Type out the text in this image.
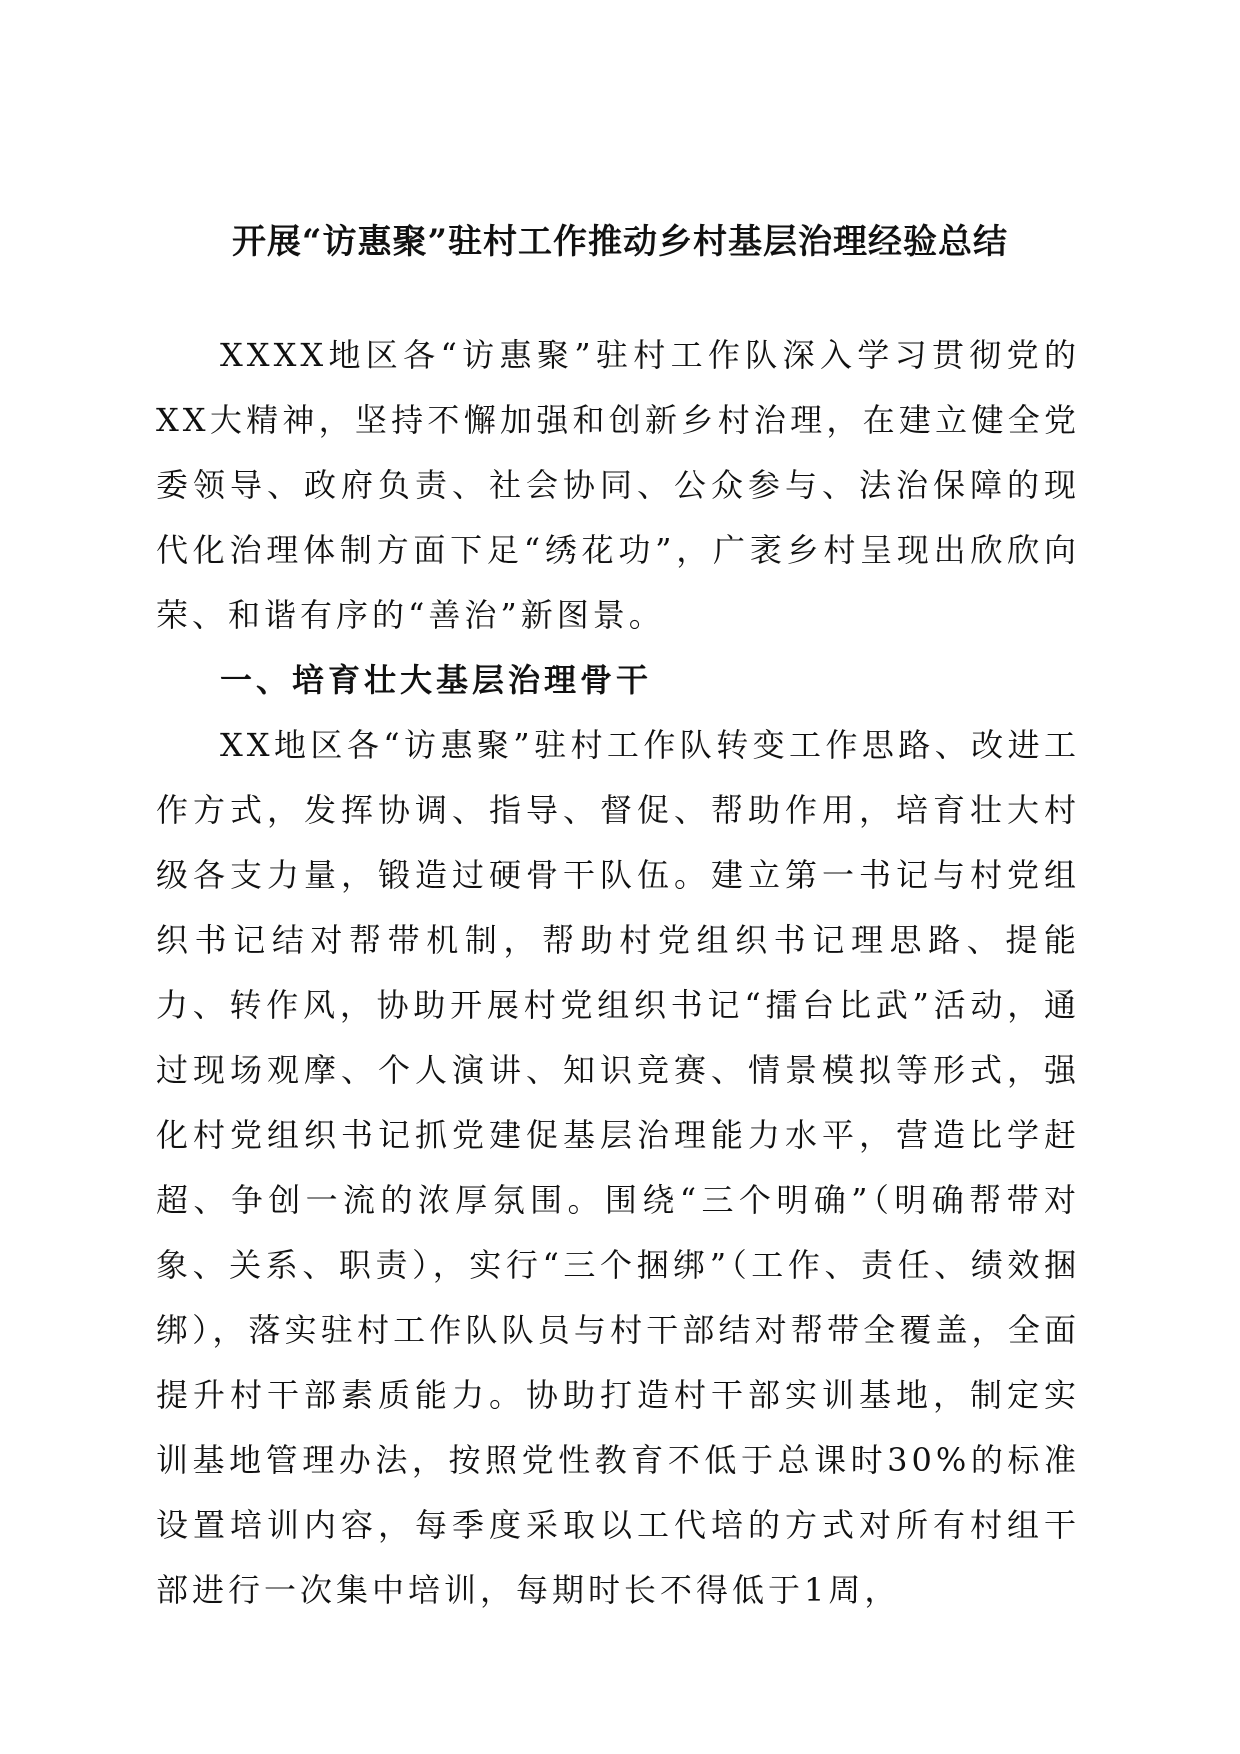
开展“访惠聚”驻村工作推动乡村基层治理经验总结

XXXX地区各“访惠聚”驻村工作队深入学习贯彻党的XX大精神，坚持不懈加强和创新乡村治理，在建立健全党委领导、政府负责、社会协同、公众参与、法治保障的现代化治理体制方面下足“绣花功”，广袤乡村呈现出欣欣向荣、和谐有序的“善治”新图景。

一、培育壮大基层治理骨干

XX地区各“访惠聚”驻村工作队转变工作思路、改进工作方式，发挥协调、指导、督促、帮助作用，培育壮大村级各支力量，锻造过硬骨干队伍。建立第一书记与村党组织书记结对帮带机制，帮助村党组织书记理思路、提能力、转作风，协助开展村党组织书记“擂台比武”活动，通过现场观摩、个人演讲、知识竞赛、情景模拟等形式，强化村党组织书记抓党建促基层治理能力水平，营造比学赶超、争创一流的浓厚氛围。围绕“三个明确”（明确帮带对象、关系、职责），实行“三个捆绑”（工作、责任、绩效捆绑），落实驻村工作队队员与村干部结对帮带全覆盖，全面提升村干部素质能力。协助打造村干部实训基地，制定实训基地管理办法，按照党性教育不低于总课时30%的标准设置培训内容，每季度采取以工代培的方式对所有村组干部进行一次集中培训，每期时长不得低于1周，
